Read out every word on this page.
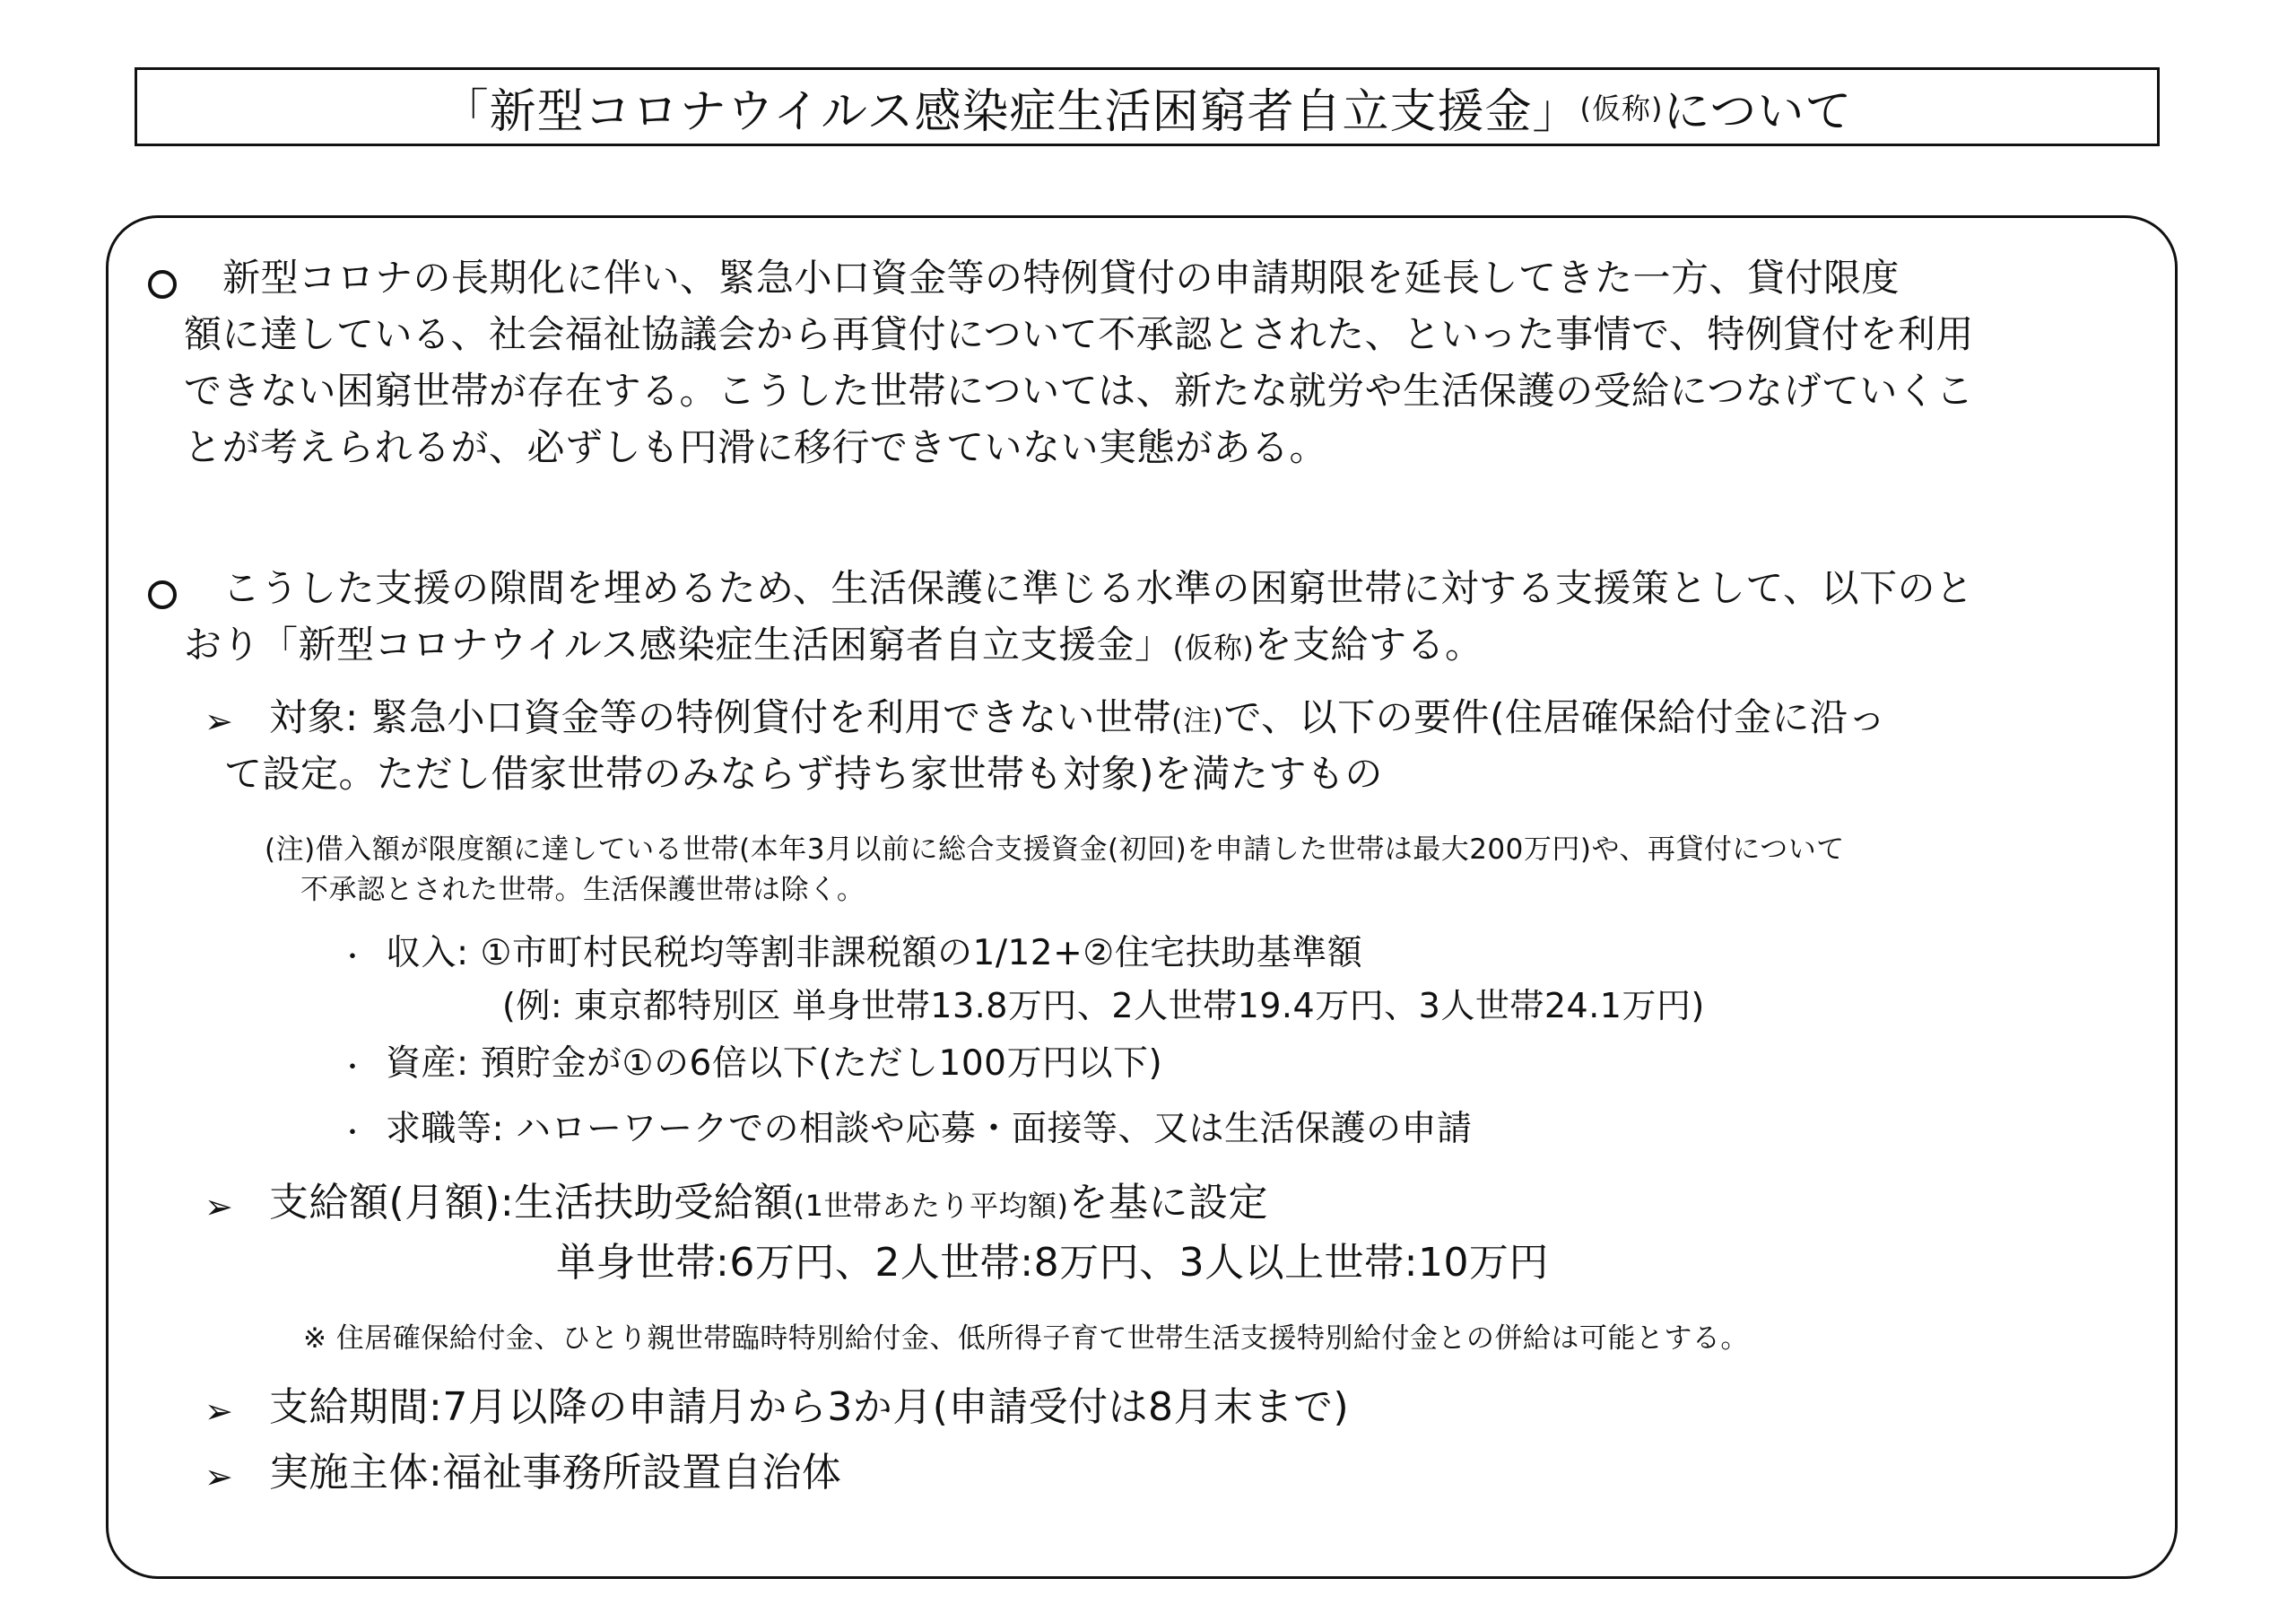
「新型コロナウイルス感染症生活困窮者自立支援金」 (仮称) について
新型コロナの長期化に伴い、緊急小口資金等の特例貸付の申請期限を延長してきた一方、貸付限度
額に達している、社会福祉協議会から再貸付について不承認とされた、といった事情で、特例貸付を利用
できない困窮世帯が存在する。こうした世帯については、新たな就労や生活保護の受給につなげていくこ
とが考えられるが、必ずしも円滑に移行できていない実態がある。
こうした支援の隙間を埋めるため、生活保護に準じる水準の困窮世帯に対する支援策として、以下のと
おり「新型コロナウイルス感染症生活困窮者自立支援金」(仮称)を支給する。
➢ 対象: 緊急小口資金等の特例貸付を利用できない世帯(注)で、以下の要件(住居確保給付金に沿っ
て設定。ただし借家世帯のみならず持ち家世帯も対象)を満たすもの
(注)借入額が限度額に達している世帯(本年3月以前に総合支援資金(初回)を申請した世帯は最大200万円)や、再貸付について
不承認とされた世帯。生活保護世帯は除く。
・ 収入: ①市町村民税均等割非課税額の1/12+②住宅扶助基準額
(例: 東京都特別区 単身世帯13.8万円、2人世帯19.4万円、3人世帯24.1万円)
・ 資産: 預貯金が①の6倍以下(ただし100万円以下)
・ 求職等: ハローワークでの相談や応募・面接等、又は生活保護の申請
➢ 支給額(月額):生活扶助受給額(1世帯あたり平均額)を基に設定
単身世帯:6万円、2人世帯:8万円、3人以上世帯:10万円
※ 住居確保給付金、ひとり親世帯臨時特別給付金、低所得子育て世帯生活支援特別給付金との併給は可能とする。
➢ 支給期間:7月以降の申請月から3か月(申請受付は8月末まで)
➢ 実施主体:福祉事務所設置自治体
